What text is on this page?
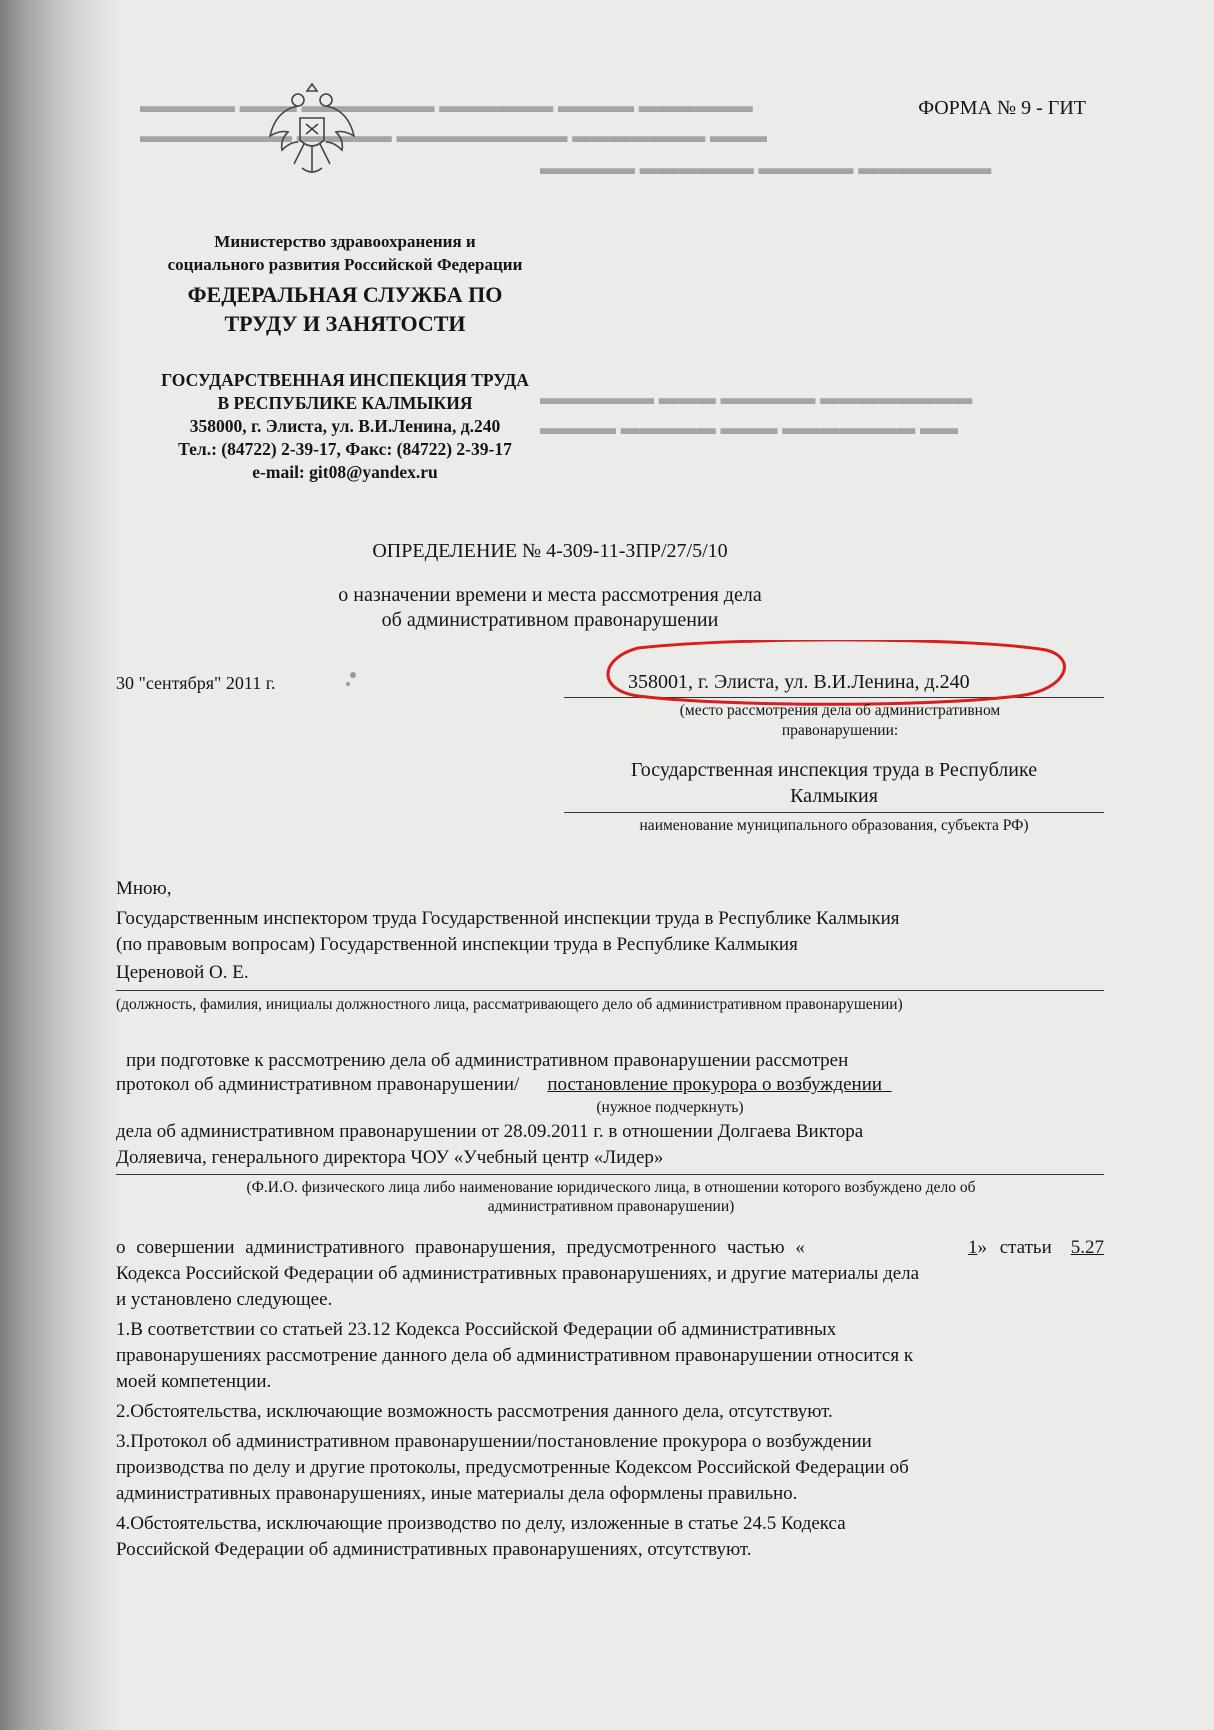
▬▬▬▬▬ ▬▬▬ ▬▬▬▬▬▬▬ ▬▬▬▬▬▬ ▬▬▬▬ ▬▬▬▬▬▬
▬▬▬▬▬▬▬▬ ▬▬▬▬▬ ▬▬▬▬▬▬▬▬▬ ▬▬▬▬▬▬▬ ▬▬▬
▬▬▬▬▬ ▬▬▬▬▬▬ ▬▬▬▬▬ ▬▬▬▬▬▬▬
▬▬▬▬▬▬ ▬▬▬ ▬▬▬▬▬ ▬▬▬▬▬▬▬▬
▬▬▬▬ ▬▬▬▬▬ ▬▬▬ ▬▬▬▬▬▬▬ ▬▬
ФОРМА № 9 - ГИТ
Министерство здравоохранения и
социального развития Российской Федерации
ФЕДЕРАЛЬНАЯ СЛУЖБА ПО
ТРУДУ И ЗАНЯТОСТИ
ГОСУДАРСТВЕННАЯ ИНСПЕКЦИЯ ТРУДА
В РЕСПУБЛИКЕ КАЛМЫКИЯ
358000, г. Элиста, ул. В.И.Ленина, д.240
Тел.: (84722) 2-39-17, Факс: (84722) 2-39-17
e-mail: git08@yandex.ru
ОПРЕДЕЛЕНИЕ № 4-309-11-ЗПР/27/5/10
о назначении времени и места рассмотрения дела
об административном правонарушении
30 "сентября" 2011 г.	358001, г. Элиста, ул. В.И.Ленина, д.240
(место рассмотрения дела об административном
правонарушении:
Государственная инспекция труда в Республике
Калмыкия
наименование муниципального образования, субъекта РФ)
Мною,
Государственным инспектором труда Государственной инспекции труда в Республике Калмыкия
(по правовым вопросам) Государственной инспекции труда в Республике Калмыкия
Цереновой О. Е.
(должность, фамилия, инициалы должностного лица, рассматривающего дело об административном правонарушении)
при подготовке к рассмотрению дела об административном правонарушении рассмотрен
протокол об административном правонарушении/ постановление прокурора о возбуждении
(нужное подчеркнуть)
дела об административном правонарушении от 28.09.2011 г. в отношении Долгаева Виктора
Доляевича, генерального директора ЧОУ «Учебный центр «Лидер»
(Ф.И.О. физического лица либо наименование юридического лица, в отношении которого возбуждено дело об
административном правонарушении)
о совершении административного правонарушения, предусмотренного частью «	1» статьи 5.27
Кодекса Российской Федерации об административных правонарушениях, и другие материалы дела
и установлено следующее.
1.В соответствии со статьей 23.12 Кодекса Российской Федерации об административных
правонарушениях рассмотрение данного дела об административном правонарушении относится к
моей компетенции.
2.Обстоятельства, исключающие возможность рассмотрения данного дела, отсутствуют.
3.Протокол об административном правонарушении/постановление прокурора о возбуждении
производства по делу и другие протоколы, предусмотренные Кодексом Российской Федерации об
административных правонарушениях, иные материалы дела оформлены правильно.
4.Обстоятельства, исключающие производство по делу, изложенные в статье 24.5 Кодекса
Российской Федерации об административных правонарушениях, отсутствуют.
